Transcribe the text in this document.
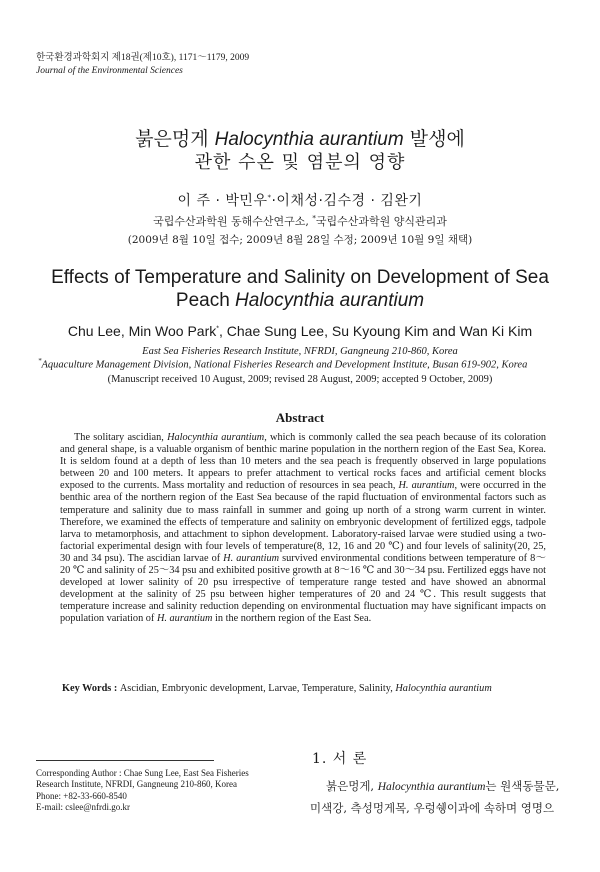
한국환경과학회지 제18권(제10호), 1171～1179, 2009
Journal of the Environmental Sciences
붉은멍게 Halocynthia aurantium 발생에
관한 수온 및 염분의 영향
이 주 · 박민우*·이채성·김수경 · 김완기
국립수산과학원 동해수산연구소, *국립수산과학원 양식관리과
(2009년 8월 10일 접수; 2009년 8월 28일 수정; 2009년 10월 9일 채택)
Effects of Temperature and Salinity on Development of Sea
Peach Halocynthia aurantium
Chu Lee, Min Woo Park*, Chae Sung Lee, Su Kyoung Kim and Wan Ki Kim
East Sea Fisheries Research Institute, NFRDI, Gangneung 210-860, Korea
*Aquaculture Management Division, National Fisheries Research and Development Institute, Busan 619-902, Korea
(Manuscript received 10 August, 2009; revised 28 August, 2009; accepted 9 October, 2009)
Abstract
The solitary ascidian, Halocynthia aurantium, which is commonly called the sea peach because of its coloration and general shape, is a valuable organism of benthic marine population in the northern region of the East Sea, Korea. It is seldom found at a depth of less than 10 meters and the sea peach is frequently observed in large populations between 20 and 100 meters. It appears to prefer attachment to vertical rocks faces and artificial cement blocks exposed to the currents. Mass mortality and reduction of resources in sea peach, H. aurantium, were occurred in the benthic area of the northern region of the East Sea because of the rapid fluctuation of environmental factors such as temperature and salinity due to mass rainfall in summer and going up north of a strong warm current in winter. Therefore, we examined the effects of temperature and salinity on embryonic development of fertilized eggs, tadpole larva to metamorphosis, and attachment to siphon development. Laboratory-raised larvae were studied using a two-factorial experimental design with four levels of temperature(8, 12, 16 and 20 ℃) and four levels of salinity(20, 25, 30 and 34 psu). The ascidian larvae of H. aurantium survived environmental conditions between temperature of 8～20 ℃ and salinity of 25～34 psu and exhibited positive growth at 8～16 ℃ and 30～34 psu. Fertilized eggs have not developed at lower salinity of 20 psu irrespective of temperature range tested and have showed an abnormal development at the salinity of 25 psu between higher temperatures of 20 and 24 ℃. This result suggests that temperature increase and salinity reduction depending on environmental fluctuation may have significant impacts on population variation of H. aurantium in the northern region of the East Sea.
Key Words : Ascidian, Embryonic development, Larvae, Temperature, Salinity, Halocynthia aurantium
Corresponding Author : Chae Sung Lee, East Sea Fisheries
Research Institute, NFRDI, Gangneung 210-860, Korea
Phone: +82-33-660-8540
E-mail: cslee@nfrdi.go.kr
1. 서 론
붉은멍게, Halocynthia aurantium는 원색동물문, 미색강, 측성멍게목, 우렁쉥이과에 속하며 영명으
